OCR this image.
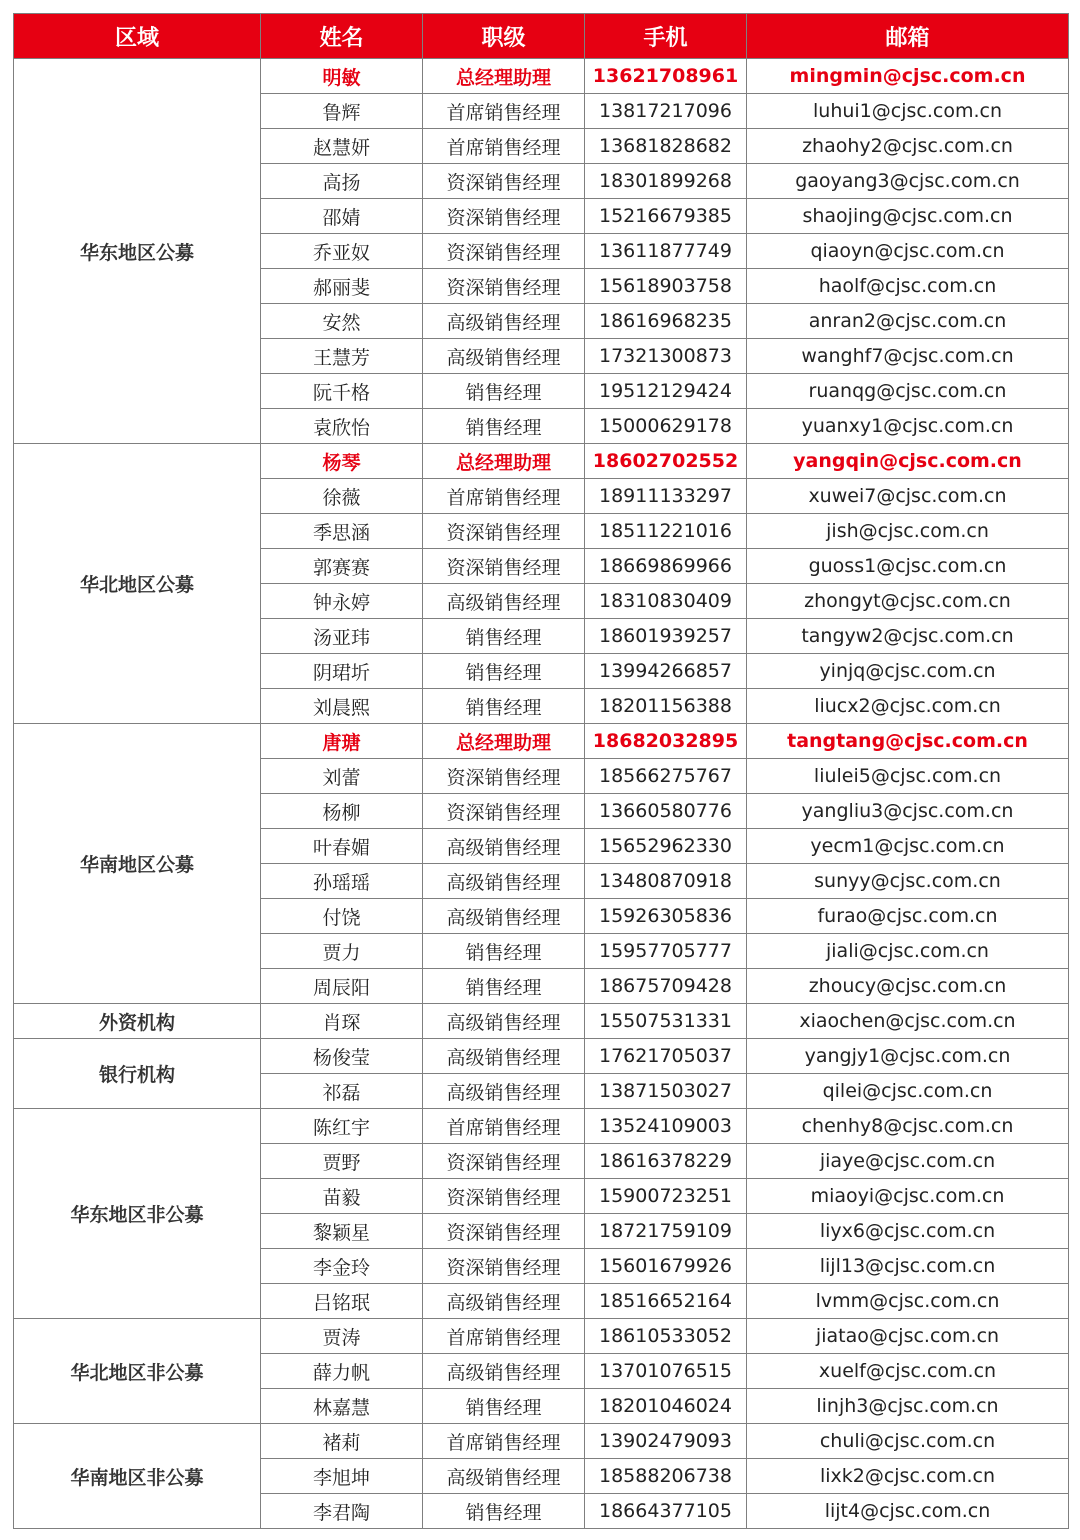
区域	姓名	职级	手机	邮箱
华东地区公募	明敏	总经理助理	13621708961	mingmin@cjsc.com.cn
	鲁辉	首席销售经理	13817217096	luhui1@cjsc.com.cn
	赵慧妍	首席销售经理	13681828682	zhaohy2@cjsc.com.cn
	高扬	资深销售经理	18301899268	gaoyang3@cjsc.com.cn
	邵婧	资深销售经理	15216679385	shaojing@cjsc.com.cn
	乔亚奴	资深销售经理	13611877749	qiaoyn@cjsc.com.cn
	郝丽斐	资深销售经理	15618903758	haolf@cjsc.com.cn
	安然	高级销售经理	18616968235	anran2@cjsc.com.cn
	王慧芳	高级销售经理	17321300873	wanghf7@cjsc.com.cn
	阮千格	销售经理	19512129424	ruanqg@cjsc.com.cn
	袁欣怡	销售经理	15000629178	yuanxy1@cjsc.com.cn
华北地区公募	杨琴	总经理助理	18602702552	yangqin@cjsc.com.cn
	徐薇	首席销售经理	18911133297	xuwei7@cjsc.com.cn
	季思涵	资深销售经理	18511221016	jish@cjsc.com.cn
	郭赛赛	资深销售经理	18669869966	guoss1@cjsc.com.cn
	钟永婷	高级销售经理	18310830409	zhongyt@cjsc.com.cn
	汤亚玮	销售经理	18601939257	tangyw2@cjsc.com.cn
	阴珺圻	销售经理	13994266857	yinjq@cjsc.com.cn
	刘晨熙	销售经理	18201156388	liucx2@cjsc.com.cn
华南地区公募	唐瑭	总经理助理	18682032895	tangtang@cjsc.com.cn
	刘蕾	资深销售经理	18566275767	liulei5@cjsc.com.cn
	杨柳	资深销售经理	13660580776	yangliu3@cjsc.com.cn
	叶春媚	高级销售经理	15652962330	yecm1@cjsc.com.cn
	孙瑶瑶	高级销售经理	13480870918	sunyy@cjsc.com.cn
	付饶	高级销售经理	15926305836	furao@cjsc.com.cn
	贾力	销售经理	15957705777	jiali@cjsc.com.cn
	周辰阳	销售经理	18675709428	zhoucy@cjsc.com.cn
外资机构	肖琛	高级销售经理	15507531331	xiaochen@cjsc.com.cn
银行机构	杨俊莹	高级销售经理	17621705037	yangjy1@cjsc.com.cn
	祁磊	高级销售经理	13871503027	qilei@cjsc.com.cn
华东地区非公募	陈红宇	首席销售经理	13524109003	chenhy8@cjsc.com.cn
	贾野	资深销售经理	18616378229	jiaye@cjsc.com.cn
	苗毅	资深销售经理	15900723251	miaoyi@cjsc.com.cn
	黎颖星	资深销售经理	18721759109	liyx6@cjsc.com.cn
	李金玲	资深销售经理	15601679926	lijl13@cjsc.com.cn
	吕铭珉	高级销售经理	18516652164	lvmm@cjsc.com.cn
华北地区非公募	贾涛	首席销售经理	18610533052	jiatao@cjsc.com.cn
	薛力帆	高级销售经理	13701076515	xuelf@cjsc.com.cn
	林嘉慧	销售经理	18201046024	linjh3@cjsc.com.cn
华南地区非公募	褚莉	首席销售经理	13902479093	chuli@cjsc.com.cn
	李旭坤	高级销售经理	18588206738	lixk2@cjsc.com.cn
	李君陶	销售经理	18664377105	lijt4@cjsc.com.cn
